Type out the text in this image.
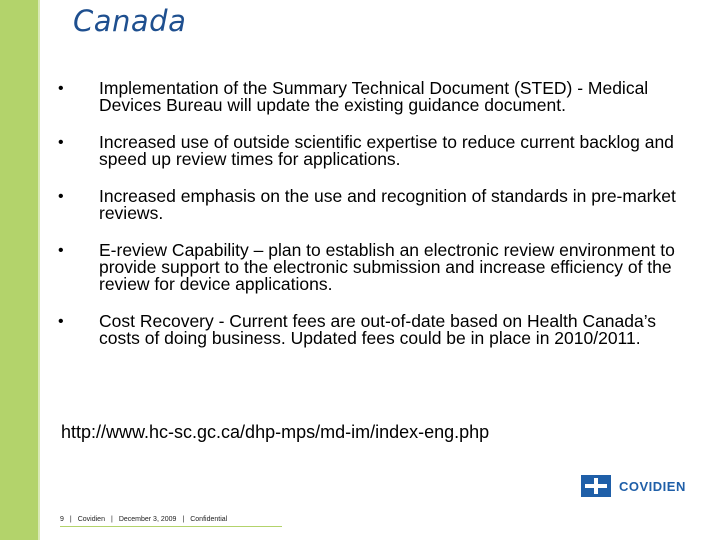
Canada
• Implementation of the Summary Technical Document (STED) - Medical Devices Bureau will update the existing guidance document.
• Increased use of outside scientific expertise to reduce current backlog and speed up review times for applications.
• Increased emphasis on the use and recognition of standards in pre-market reviews.
• E-review Capability – plan to establish an electronic review environment to provide support to the electronic submission and increase efficiency of the review for device applications.
• Cost Recovery - Current fees are out-of-date based on Health Canada’s costs of doing business. Updated fees could be in place in 2010/2011.
http://www.hc-sc.gc.ca/dhp-mps/md-im/index-eng.php
COVIDIEN
9 | Covidien | December 3, 2009 | Confidential
